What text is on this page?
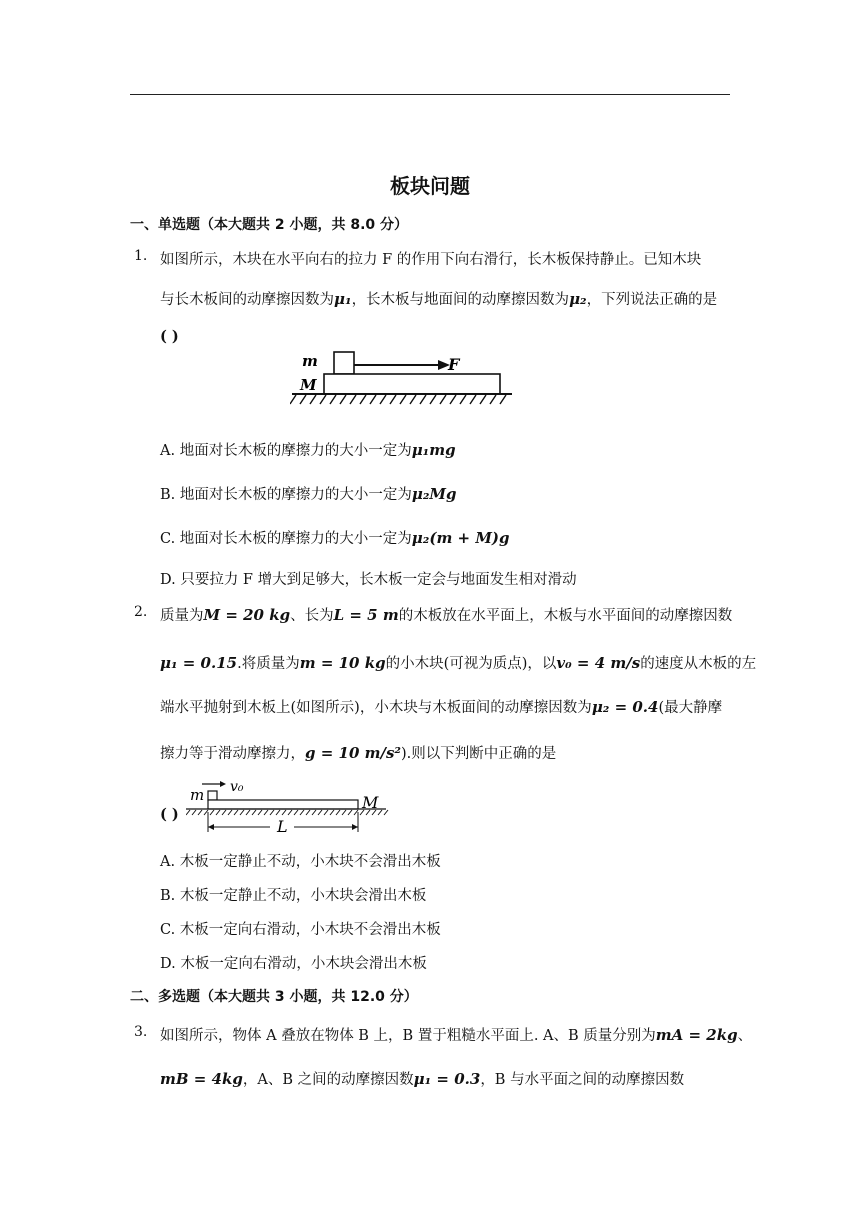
板块问题
一、单选题（本大题共 2 小题，共 8.0 分）
1. 如图所示，木块在水平向右的拉力 F 的作用下向右滑行，长木板保持静止。已知木块
与长木板间的动摩擦因数为μ₁，长木板与地面间的动摩擦因数为μ₂，下列说法正确的是
( )
m
M
F
A. 地面对长木板的摩擦力的大小一定为μ₁mg
B. 地面对长木板的摩擦力的大小一定为μ₂Mg
C. 地面对长木板的摩擦力的大小一定为μ₂(m + M)g
D. 只要拉力 F 增大到足够大，长木板一定会与地面发生相对滑动
2. 质量为M = 20 kg、长为L = 5 m的木板放在水平面上，木板与水平面间的动摩擦因数
μ₁ = 0.15.将质量为m = 10 kg的小木块(可视为质点)，以v₀ = 4 m/s的速度从木板的左
端水平抛射到木板上(如图所示)，小木块与木板面间的动摩擦因数为μ₂ = 0.4(最大静摩
擦力等于滑动摩擦力，g = 10 m/s²).则以下判断中正确的是
( )
v₀
m	M
L
A. 木板一定静止不动，小木块不会滑出木板
B. 木板一定静止不动，小木块会滑出木板
C. 木板一定向右滑动，小木块不会滑出木板
D. 木板一定向右滑动，小木块会滑出木板
二、多选题（本大题共 3 小题，共 12.0 分）
3. 如图所示，物体 A 叠放在物体 B 上，B 置于粗糙水平面上. A、B 质量分别为mA = 2kg、
mB = 4kg，A、B 之间的动摩擦因数μ₁ = 0.3，B 与水平面之间的动摩擦因数
